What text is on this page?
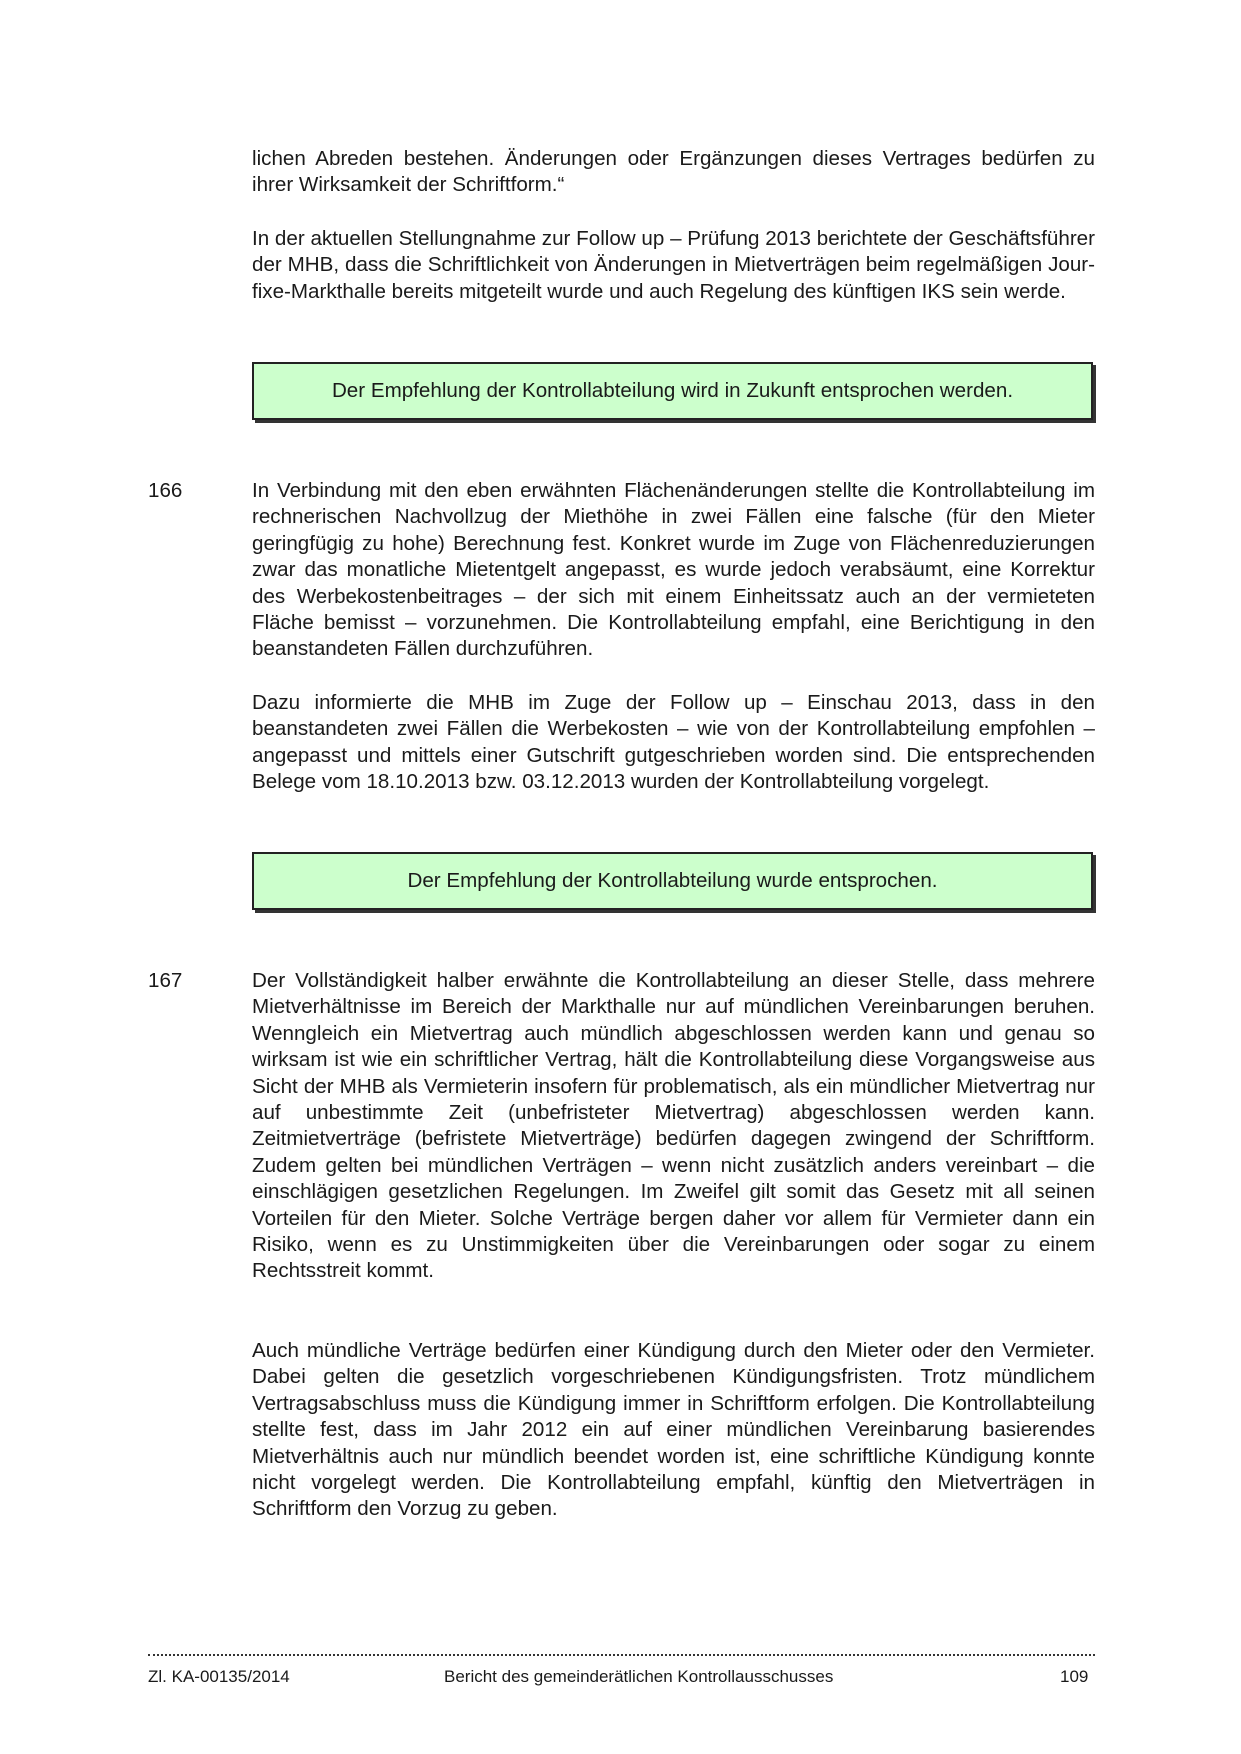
lichen Abreden bestehen. Änderungen oder Ergänzungen dieses Vertrages bedürfen zu ihrer Wirksamkeit der Schriftform.“

In der aktuellen Stellungnahme zur Follow up – Prüfung 2013 berichtete der Geschäftsführer der MHB, dass die Schriftlichkeit von Änderungen in Mietverträgen beim regelmäßigen Jour-fixe-Markthalle bereits mitgeteilt wurde und auch Regelung des künftigen IKS sein werde.

Der Empfehlung der Kontrollabteilung wird in Zukunft entsprochen werden.

166	In Verbindung mit den eben erwähnten Flächenänderungen stellte die Kontrollabteilung im rechnerischen Nachvollzug der Miethöhe in zwei Fällen eine falsche (für den Mieter geringfügig zu hohe) Berechnung fest. Konkret wurde im Zuge von Flächenreduzierungen zwar das monatliche Mietentgelt angepasst, es wurde jedoch verabsäumt, eine Korrektur des Werbekostenbeitrages – der sich mit einem Einheitssatz auch an der vermieteten Fläche bemisst – vorzunehmen. Die Kontrollabteilung empfahl, eine Berichtigung in den beanstandeten Fällen durchzuführen.

Dazu informierte die MHB im Zuge der Follow up – Einschau 2013, dass in den beanstandeten zwei Fällen die Werbekosten – wie von der Kontrollabteilung empfohlen – angepasst und mittels einer Gutschrift gutgeschrieben worden sind. Die entsprechenden Belege vom 18.10.2013 bzw. 03.12.2013 wurden der Kontrollabteilung vorgelegt.

Der Empfehlung der Kontrollabteilung wurde entsprochen.

167	Der Vollständigkeit halber erwähnte die Kontrollabteilung an dieser Stelle, dass mehrere Mietverhältnisse im Bereich der Markthalle nur auf mündlichen Vereinbarungen beruhen. Wenngleich ein Mietvertrag auch mündlich abgeschlossen werden kann und genau so wirksam ist wie ein schriftlicher Vertrag, hält die Kontrollabteilung diese Vorgangsweise aus Sicht der MHB als Vermieterin insofern für problematisch, als ein mündlicher Mietvertrag nur auf unbestimmte Zeit (unbefristeter Mietvertrag) abgeschlossen werden kann. Zeitmietverträge (befristete Mietverträge) bedürfen dagegen zwingend der Schriftform. Zudem gelten bei mündlichen Verträgen – wenn nicht zusätzlich anders vereinbart – die einschlägigen gesetzlichen Regelungen. Im Zweifel gilt somit das Gesetz mit all seinen Vorteilen für den Mieter. Solche Verträge bergen daher vor allem für Vermieter dann ein Risiko, wenn es zu Unstimmigkeiten über die Vereinbarungen oder sogar zu einem Rechtsstreit kommt.

Auch mündliche Verträge bedürfen einer Kündigung durch den Mieter oder den Vermieter. Dabei gelten die gesetzlich vorgeschriebenen Kündigungsfristen. Trotz mündlichem Vertragsabschluss muss die Kündigung immer in Schriftform erfolgen. Die Kontrollabteilung stellte fest, dass im Jahr 2012 ein auf einer mündlichen Vereinbarung basierendes Mietverhältnis auch nur mündlich beendet worden ist, eine schriftliche Kündigung konnte nicht vorgelegt werden. Die Kontrollabteilung empfahl, künftig den Mietverträgen in Schriftform den Vorzug zu geben.

Zl. KA-00135/2014	Bericht des gemeinderätlichen Kontrollausschusses	109
